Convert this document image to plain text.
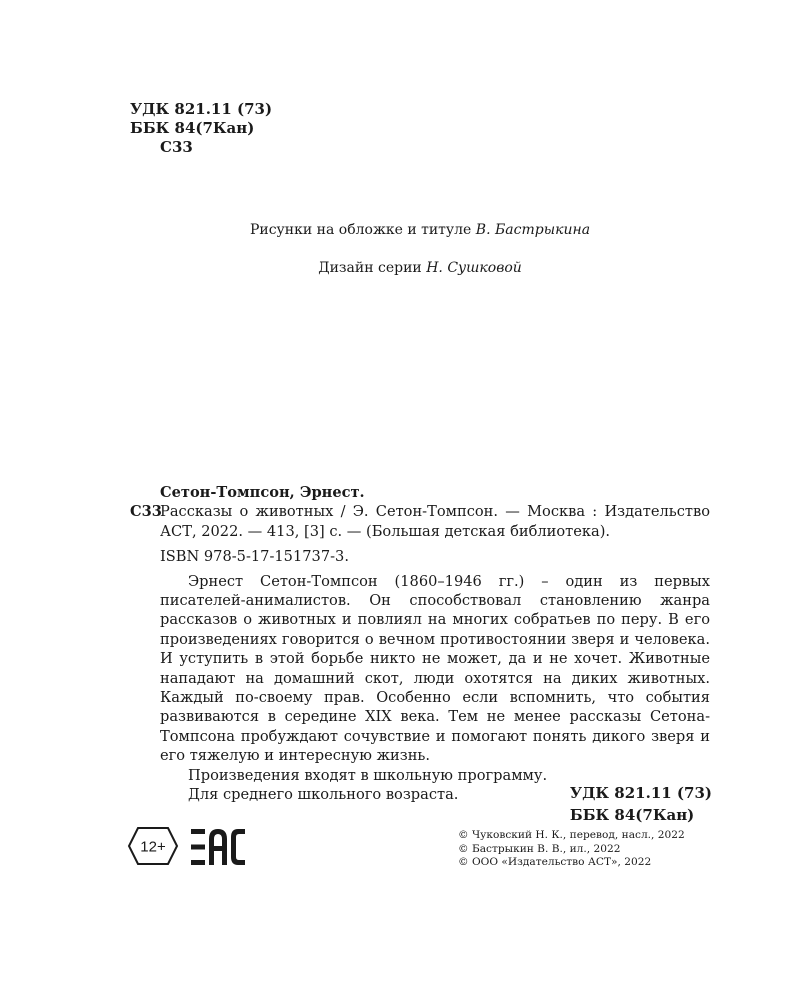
УДК 821.11 (73)
ББК 84(7Кан)
С33
Рисунки на обложке и титуле В. Бастрыкина
Дизайн серии Н. Сушковой
Сетон-Томпсон, Эрнест.
С33
Рассказы о животных / Э. Сетон-Томпсон. — Москва : Издательство АСТ, 2022. — 413, [3] с. — (Большая детская библиотека).
ISBN 978-5-17-151737-3.
Эрнест Сетон-Томпсон (1860–1946 гг.) – один из первых писателей-анималистов. Он способствовал становлению жанра рассказов о животных и повлиял на многих собратьев по перу. В его произведениях говорится о вечном противостоянии зверя и человека. И уступить в этой борьбе никто не может, да и не хочет. Животные нападают на домашний скот, люди охотятся на диких животных. Каждый по-своему прав. Особенно если вспомнить, что события развиваются в середине XIX века. Тем не менее рассказы Сетона-Томпсона пробуждают сочувствие и помогают понять дикого зверя и его тяжелую и интересную жизнь.
Произведения входят в школьную программу.
Для среднего школьного возраста.	УДК 821.11 (73)
ББК 84(7Кан)
12+
© Чуковский Н. К., перевод, насл., 2022
© Бастрыкин В. В., ил., 2022
© ООО «Издательство АСТ», 2022
